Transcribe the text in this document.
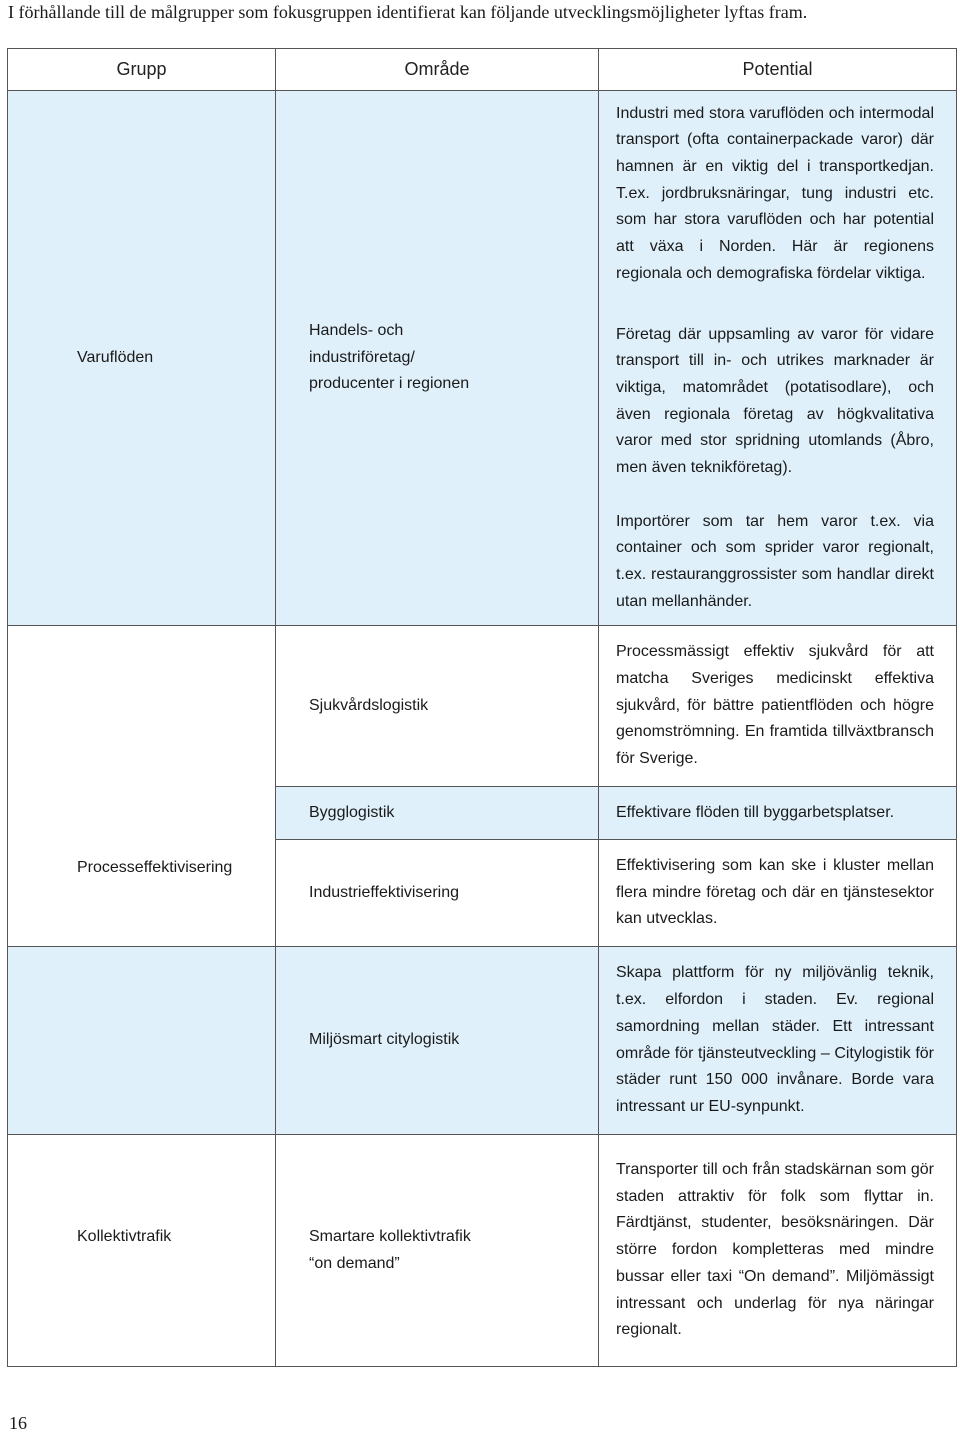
I förhållande till de målgrupper som fokusgruppen identifierat kan följande utvecklingsmöjligheter lyftas fram.
Grupp	Område	Potential

Varuflöden	Handels- och industriföretag/ producenter i regionen	Industri med stora varuflöden och intermodal transport (ofta containerpackade varor) där hamnen är en viktig del i transportkedjan. T.ex. jordbruksnäringar, tung industri etc. som har stora varuflöden och har potential att växa i Norden. Här är regionens regionala och demografiska fördelar viktiga.

Företag där uppsamling av varor för vidare transport till in- och utrikes marknader är viktiga, matområdet (potatisodlare), och även regionala företag av högkvalitativa varor med stor spridning utomlands (Åbro, men även teknikföretag).

Importörer som tar hem varor t.ex. via container och som sprider varor regionalt, t.ex. restauranggrossister som handlar direkt utan mellanhänder.

Processeffektivisering	Sjukvårdslogistik	Processmässigt effektiv sjukvård för att matcha Sveriges medicinskt effektiva sjukvård, för bättre patientflöden och högre genomströmning. En framtida tillväxtbransch för Sverige.

	Bygglogistik	Effektivare flöden till byggarbetsplatser.

	Industrieffektivisering	Effektivisering som kan ske i kluster mellan flera mindre företag och där en tjänstesektor kan utvecklas.

	Miljösmart citylogistik	Skapa plattform för ny miljövänlig teknik, t.ex. elfordon i staden. Ev. regional samordning mellan städer. Ett intressant område för tjänsteutveckling – Citylogistik för städer runt 150 000 invånare. Borde vara intressant ur EU-synpunkt.

Kollektivtrafik	Smartare kollektivtrafik “on demand”	Transporter till och från stadskärnan som gör staden attraktiv för folk som flyttar in. Färdtjänst, studenter, besöksnäringen. Där större fordon kompletteras med mindre bussar eller taxi “On demand”. Miljömässigt intressant och underlag för nya näringar regionalt.
16
